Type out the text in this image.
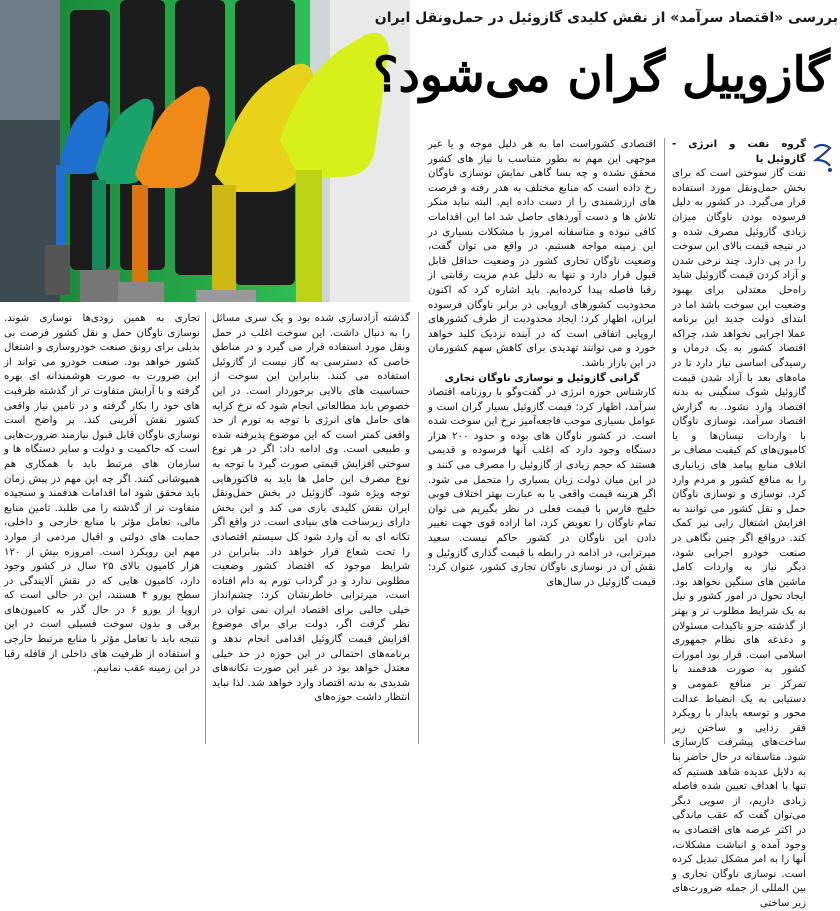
بررسی «اقتصاد سرآمد» از نقش کلیدی گازوئیل در حمل‌ونقل ایران
گازوییل گران می‌شود؟

گروه نفت و انرژی - گازوئیل یا

نفت گاز سوختی است که برای بخش حمل‌ونقل مورد استفاده قرار می‌گیرد. در کشور به دلیل فرسوده بودن ناوگان میزان زیادی گازوئیل مصرف شده و در نتیجه قیمت بالای این سوخت را در پی دارد. چند نرخی شدن و آزاد کردن قیمت گازوئیل شاید راه‌حل معتدلی برای بهبود وضعیت این سوخت باشد اما در ابتدای دولت جدید این برنامه عملا اجرایی نخواهد شد، چراکه اقتصاد کشور به یک درمان و رسیدگی اساسی نیاز دارد تا در ماه‌های بعد با آزاد شدن قیمت گازوئیل شوک سنگینی به بدنه اقتصاد وارد نشود. به گزارش اقتصاد سرآمد، نوسازی ناوگان با واردات نیسان‌ها و یا کامیون‌های کم کیفیت مضاف بر اتلاف منابع پیامد های زیانباری را به منافع کشور و مردم وارد کرد. نوسازی و نوسازی ناوگان حمل و نقل کشور می توانند به افزایش اشتغال زایی نیز کمک کند. درواقع اگر چنین نگاهی در صنعت خودرو اجرایی شود، دیگر نیاز به واردات کامل ماشین های سنگین نخواهد بود. ایجاد تحول در امور کشور و نیل به یک شرایط مطلوب تر و بهتر از گذشته جزو تاکیدات مسئولان و دغدغه های نظام جمهوری اسلامی است. قرار بود امورات کشور به صورت هدفمند با تمرکز بر منافع عمومی و دستیابی به یک انضباط عدالت محور و توسعه پایدار با رویکرد فقر زدایی و ساختن زیر ساخت‌های پیشرفت کارسازی شود. متاسفانه در حال حاضر بنا به دلایل عدیده شاهد هستیم که تنها با اهداف تعیین شده فاصله زیادی داریم، از سویی دیگر می‌توان گفت که عقب ماندگی در اکثر عرصه های اقتصادی به وجود آمده و انباشت مشکلات، آنها را به امر مشکل تبدیل کرده است. نوسازی ناوگان تجاری و بین المللی از جمله ضرورت‌های زیر ساختی

اقتصادی کشوراست اما به هر دلیل موجه و یا غیر موجهی این مهم به بطور متناسب با نیاز های کشور محقق نشده و چه بسا گاهی نمایش نوسازی ناوگان رخ داده است که منابع مختلف به هدر رفته و فرصت های ارزشمندی را از دست داده ایم. البته نباید منکر تلاش ها و دست آوردهای حاصل شد اما این اقدامات کافی نبوده و متاسفانه امروز با مشکلات بسیاری در این زمینه مواجه هستیم. در واقع می توان گفت، وضعیت ناوگان تجاری کشور در وضعیت حداقل قابل قبول قرار دارد و تنها به دلیل عدم مزیت رقابتی از رقبا فاصله پیدا کرده‌ایم. باید اشاره کرد که اکنون محدودیت کشورهای اروپایی در برابر ناوگان فرسوده ایران، اظهار کرد: ایجاد محدودیت از طرف کشورهای اروپایی اتفاقی است که در آینده نزدیک کلید خواهد خورد و می توانند تهدیدی برای کاهش سهم کشورمان در این بازار باشد.

گرانی گازوئیل و نوسازی ناوگان تجاری

کارشناس حوزه انرژی در گفت‌وگو با روزنامه اقتصاد سرآمد، اظهار کرد: قیمت گازوئیل بسیار گران است و عوامل بسیاری موجب فاجعه‌آمیز نرخ این سوخت شده است. در کشور ناوگان های بوده و حدود ۲۰۰ هزار دستگاه وجود دارد که اغلب آنها فرسوده و قدیمی هستند که حجم زیادی از گازوئیل را مصرف می کنند و در این میان دولت زیان بسیاری را متحمل می شود. اگر هزینه قیمت واقعی یا به عبارت بهتر اختلاف فوبی خلیج فارس با قیمت فعلی در نظر بگیریم می توان تمام ناوگان را تعویض کرد، اما اراده قوی جهت تغییر دادن این ناوگان در کشور حاکم نیست. سعید میرترابی، در ادامه در رابطه با قیمت گذاری گازوئیل و نقش آن در نوسازی ناوگان تجاری کشور، عنوان کرد: قیمت گازوئیل در سال‌های

گذشته آزادسازی شده بود و یک سری مسائل را به دنبال داشت. این سوخت اغلب در حمل ونقل مورد استفاده قرار می گیرد و در مناطق خاصی که دسترسی به گاز نیست از گازوئیل استفاده می کنند. بنابراین این سوخت از حساسیت های بالایی برخوردار است. در این خصوص باید مطالعاتی انجام شود که نرخ کرایه های حامل های انرژی با توجه به تورم از حد واقعی کمتر است که این موضوع پذیرفته شده و طبیعی است. وی ادامه داد: اگر در هر نوع سوختی افزایش قیمتی صورت گیرد با توجه به نوع مصرف این حامل ها باید به فاکتورهایی توجه ویژه شود. گازوئیل در بخش حمل‌ونقل ایران نقش کلیدی بازی می کند و این بخش دارای زیرساخت های بنیادی است. در واقع اگر تکانه ای به آن وارد شود کل سیستم اقتصادی را تحت شعاع قرار خواهد داد. بنابراین در شرایط موجود که اقتصاد کشور وضعیت مطلوبی ندارد و در گرداب تورم به دام افتاده است، میرترابی خاطرنشان کرد: چشم‌انداز خیلی جالبی برای اقتصاد ایران نمی توان در نظر گرفت اگر، دولت برای برای موضوع افزایش قیمت گازوئیل اقدامی انجام ندهد و برنامه‌های احتمالی در این حوزه در حد خیلی معتدل خواهد بود در غیر این صورت تکانه‌های شدیدی به بدنه اقتصاد وارد خواهد شد. لذا نباید انتظار داشت حوزه‌های

تجاری به همین زودی‌ها نوسازی شوند. نوسازی ناوگان حمل و نقل کشور فرصت بی بدیلی برای رونق صنعت خودروسازی و اشتغال کشور خواهد بود. صنعت خودرو می تواند از این ضرورت به صورت هوشمندانه ای بهره گرفته و با آرایش متفاوت تر از گذشته ظرفیت های خود را بکار گرفته و در تامین نیاز واقعی کشور نقش آفرینی کند. پر واضح است نوسازی ناوگان قابل قبول نیازمند ضرورت‌هایی است که حاکمیت و دولت و سایر دستگاه ها و سازمان های مرتبط باید با همکاری هم همپوشانی کنند. اگر چه این مهم در پیش زمان باید محقق شود اما اقدامات هدفمند و سنجیده متفاوت تر از گذشته را می طلبد. تامین منابع مالی، تعامل مؤثر با منابع خارجی و داخلی، حمایت های دولتی و اقبال مردمی از موارد مهم این رویکرد است. امروزه بیش از ۱۲۰ هزار کامیون بالای ۲۵ سال در کشور وجود دارد، کامیون هایی که در نقش آلایندگی در سطح یورو ۴ هستند، این در حالی است که اروپا از یورو ۶ در حال گذر به کامیون‌های برقی و بدون سوخت فسیلی است در این نتیجه باید با تعامل مؤثر با منابع مرتبط خارجی و استفاده از ظرفیت های داخلی از قافله رقبا در این زمینه عقب نمانیم.
